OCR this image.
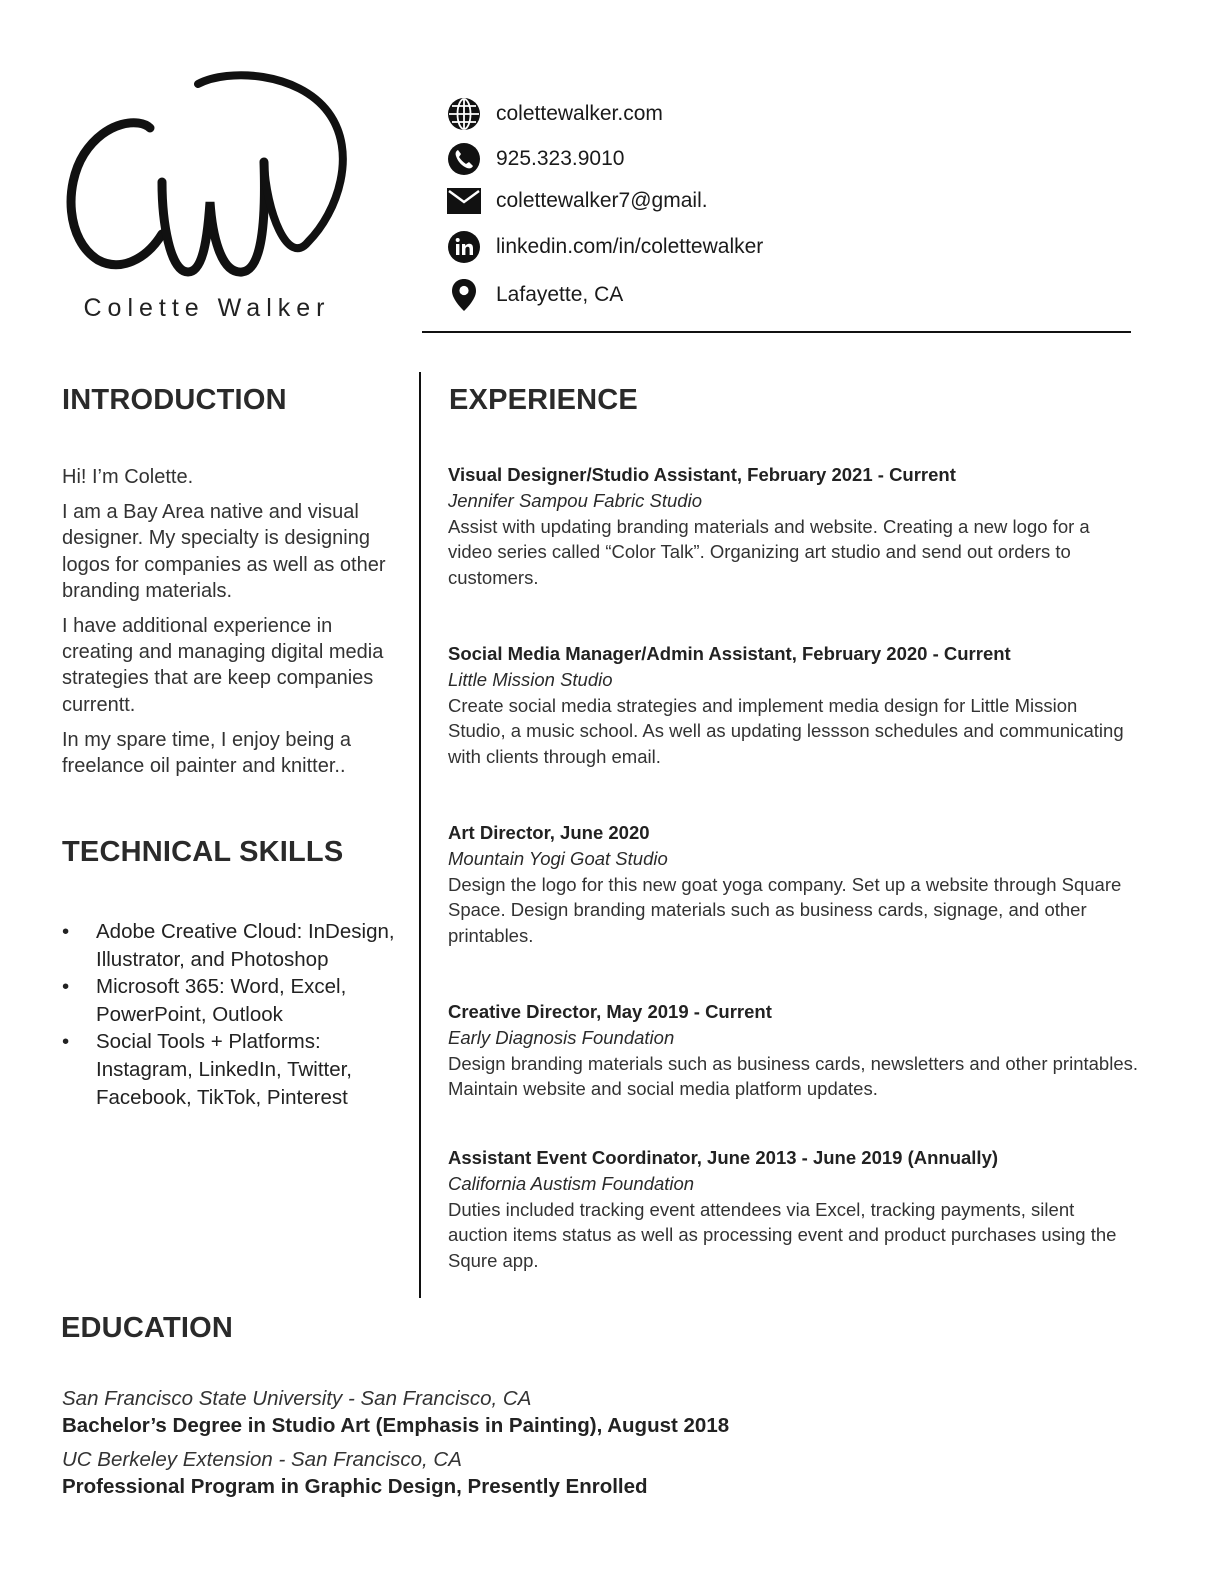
Colette Walker
colettewalker.com
925.323.9010
colettewalker7@gmail.
linkedin.com/in/colettewalker
Lafayette, CA
INTRODUCTION

Hi! I’m Colette.

I am a Bay Area native and visual designer. My specialty is designing logos for companies as well as other branding materials.

I have additional experience in creating and managing digital media strategies that are keep companies currentt.

In my spare time, I enjoy being a freelance oil painter and knitter..

TECHNICAL SKILLS
• Adobe Creative Cloud: InDesign, Illustrator, and Photoshop
• Microsoft 365: Word, Excel, PowerPoint, Outlook
• Social Tools + Platforms: Instagram, LinkedIn, Twitter, Facebook, TikTok, Pinterest
EXPERIENCE
Visual Designer/Studio Assistant, February 2021 - Current
Jennifer Sampou Fabric Studio
Assist with updating branding materials and website. Creating a new logo for a video series called “Color Talk”. Organizing art studio and send out orders to customers.
Social Media Manager/Admin Assistant, February 2020 - Current
Little Mission Studio
Create social media strategies and implement media design for Little Mission Studio, a music school. As well as updating lessson schedules and communicating with clients through email.
Art Director, June 2020
Mountain Yogi Goat Studio
Design the logo for this new goat yoga company. Set up a website through Square Space. Design branding materials such as business cards, signage, and other printables.
Creative Director, May 2019 - Current
Early Diagnosis Foundation
Design branding materials such as business cards, newsletters and other printables. Maintain website and social media platform updates.
Assistant Event Coordinator, June 2013 - June 2019 (Annually)
California Austism Foundation
Duties included tracking event attendees via Excel, tracking payments, silent auction items status as well as processing event and product purchases using the Squre app.
EDUCATION
San Francisco State University - San Francisco, CA
Bachelor’s Degree in Studio Art (Emphasis in Painting), August 2018
UC Berkeley Extension - San Francisco, CA
Professional Program in Graphic Design, Presently Enrolled
